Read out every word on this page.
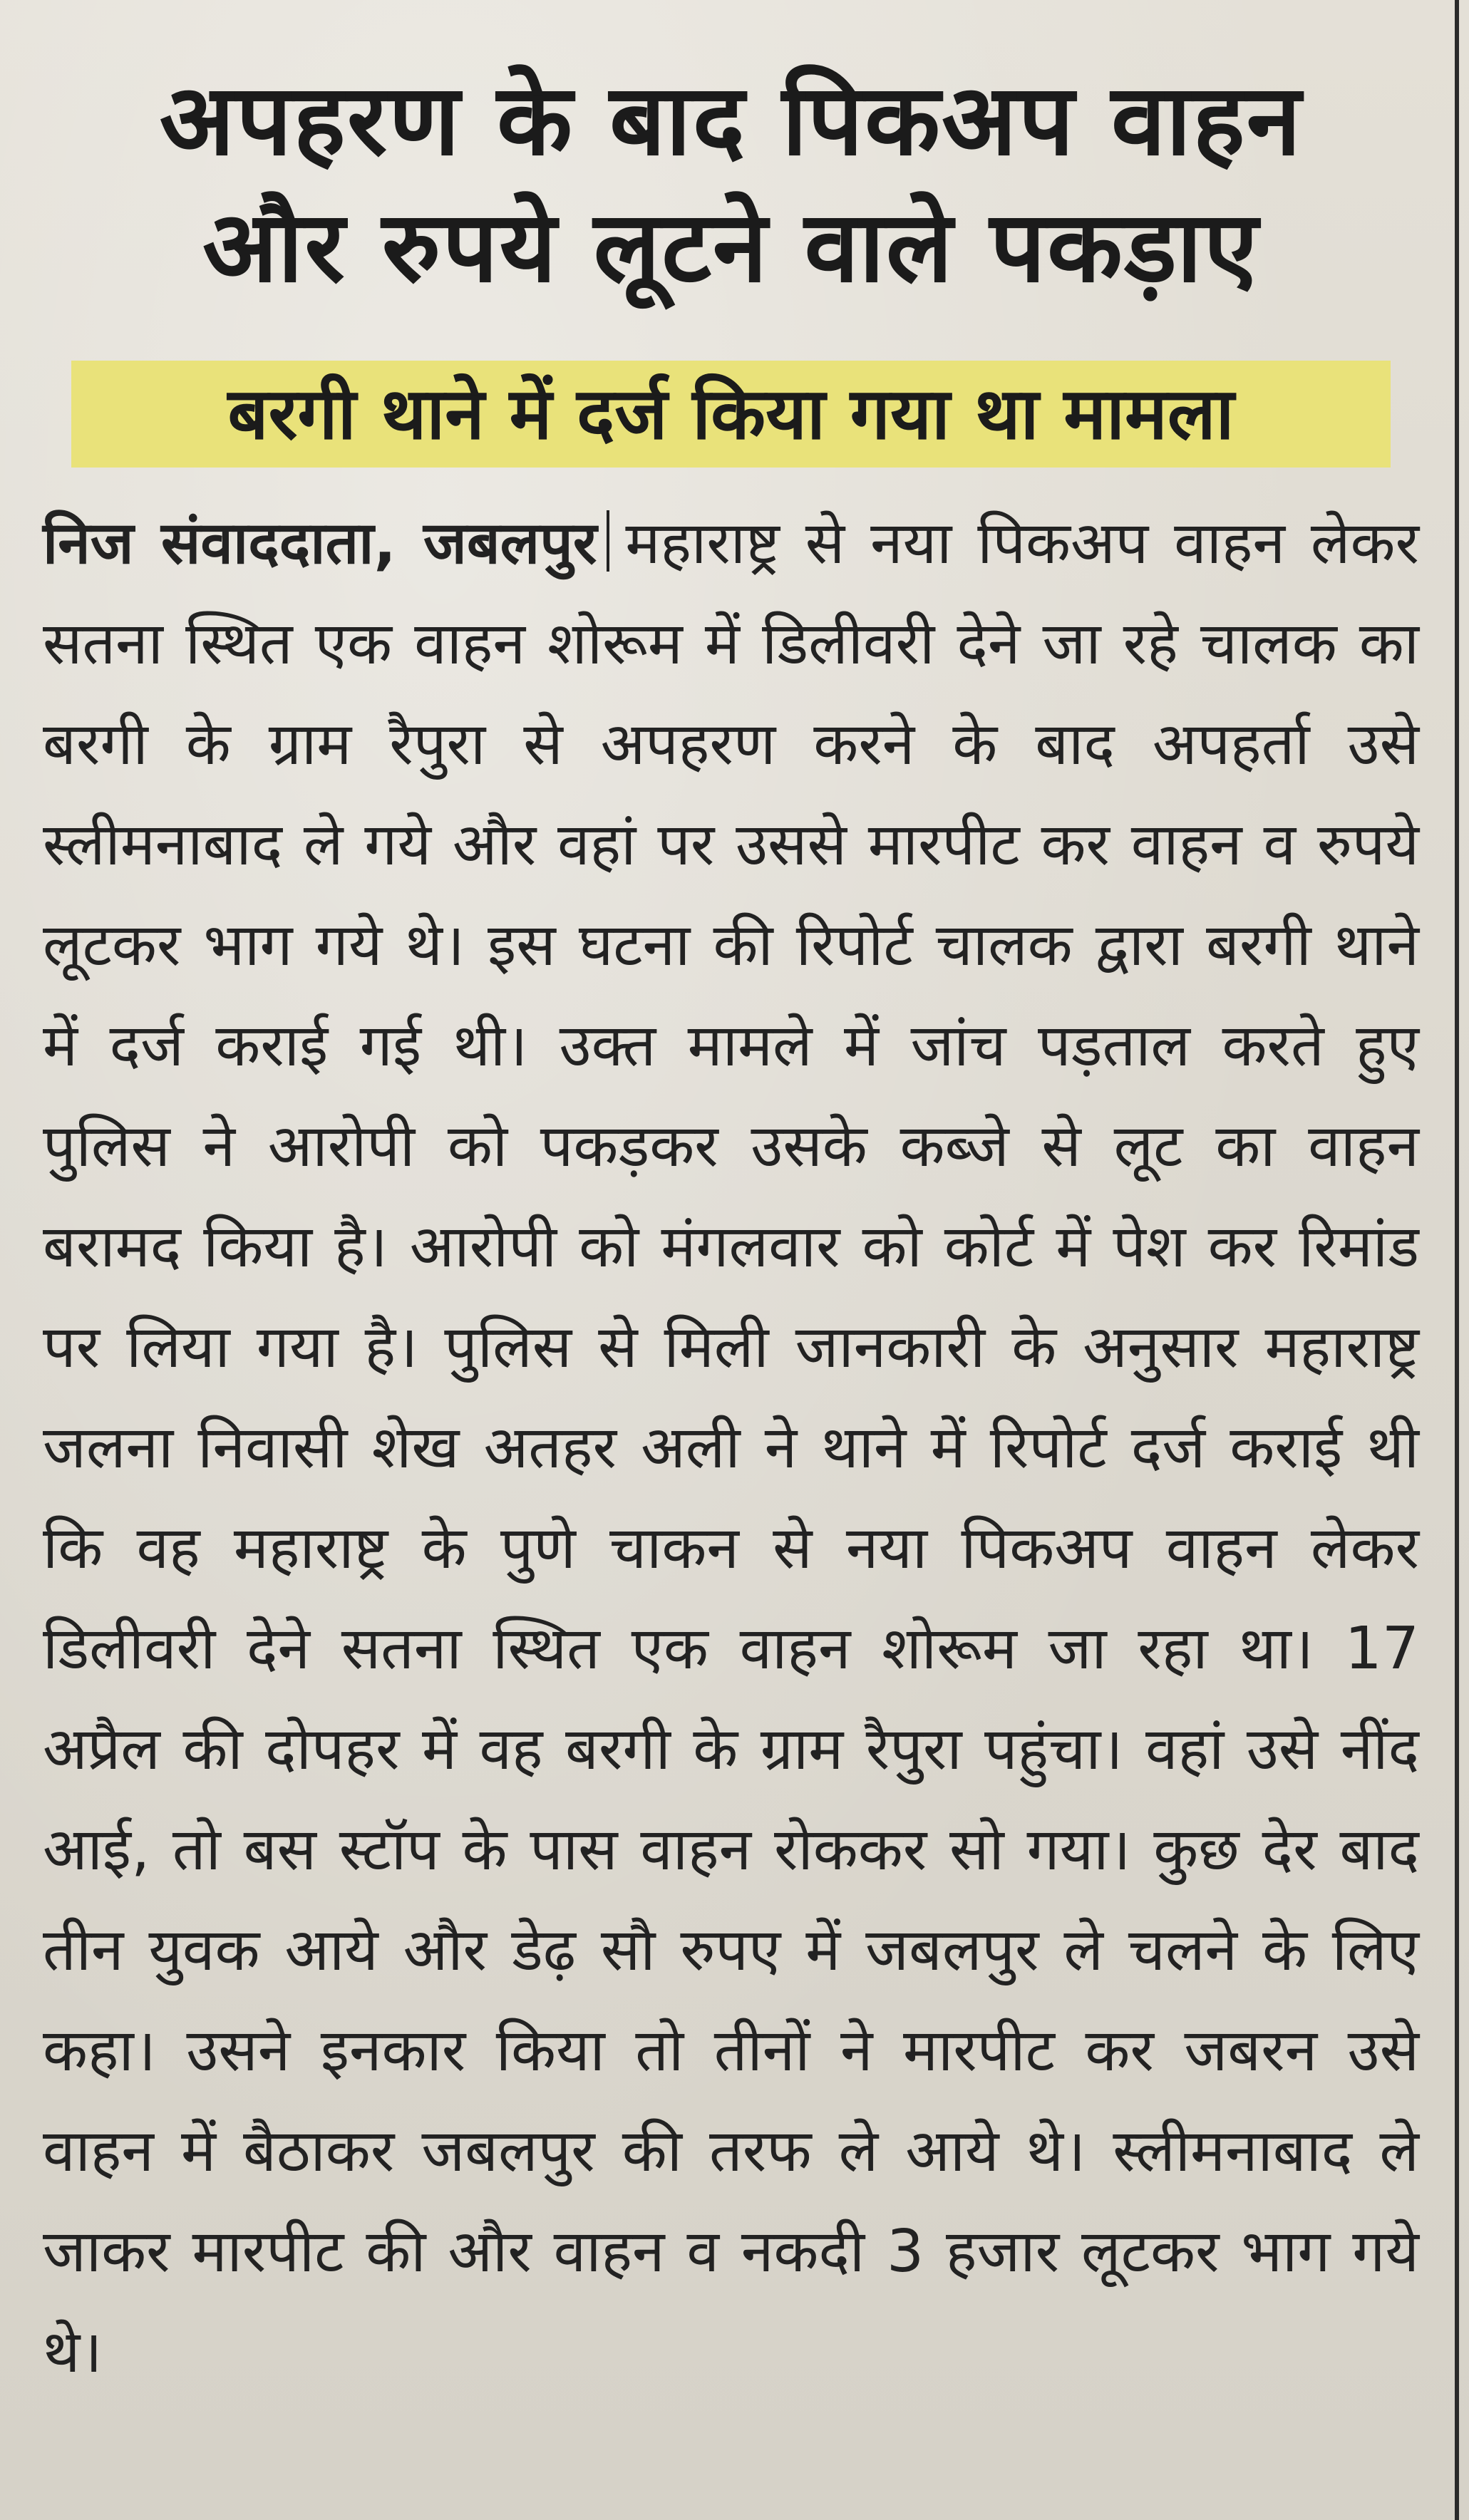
अपहरण के बाद पिकअप वाहन
और रुपये लूटने वाले पकड़ाए
बरगी थाने में दर्ज किया गया था मामला

निज संवाददाता, जबलपुर महाराष्ट्र से नया पिकअप वाहन लेकर सतना स्थित एक वाहन शोरूम में डिलीवरी देने जा रहे चालक का बरगी के ग्राम रैपुरा से अपहरण करने के बाद अपहर्ता उसे स्लीमनाबाद ले गये और वहां पर उससे मारपीट कर वाहन व रुपये लूटकर भाग गये थे। इस घटना की रिपोर्ट चालक द्वारा बरगी थाने में दर्ज कराई गई थी। उक्त मामले में जांच पड़ताल करते हुए पुलिस ने आरोपी को पकड़कर उसके कब्जे से लूट का वाहन बरामद किया है। आरोपी को मंगलवार को कोर्ट में पेश कर रिमांड पर लिया गया है। पुलिस से मिली जानकारी के अनुसार महाराष्ट्र जलना निवासी शेख अतहर अली ने थाने में रिपोर्ट दर्ज कराई थी कि वह महाराष्ट्र के पुणे चाकन से नया पिकअप वाहन लेकर डिलीवरी देने सतना स्थित एक वाहन शोरूम जा रहा था। 17 अप्रैल की दोपहर में वह बरगी के ग्राम रैपुरा पहुंचा। वहां उसे नींद आई, तो बस स्टॉप के पास वाहन रोककर सो गया। कुछ देर बाद तीन युवक आये और डेढ़ सौ रुपए में जबलपुर ले चलने के लिए कहा। उसने इनकार किया तो तीनों ने मारपीट कर जबरन उसे वाहन में बैठाकर जबलपुर की तरफ ले आये थे। स्लीमनाबाद ले जाकर मारपीट की और वाहन व नकदी 3 हजार लूटकर भाग गये थे।
